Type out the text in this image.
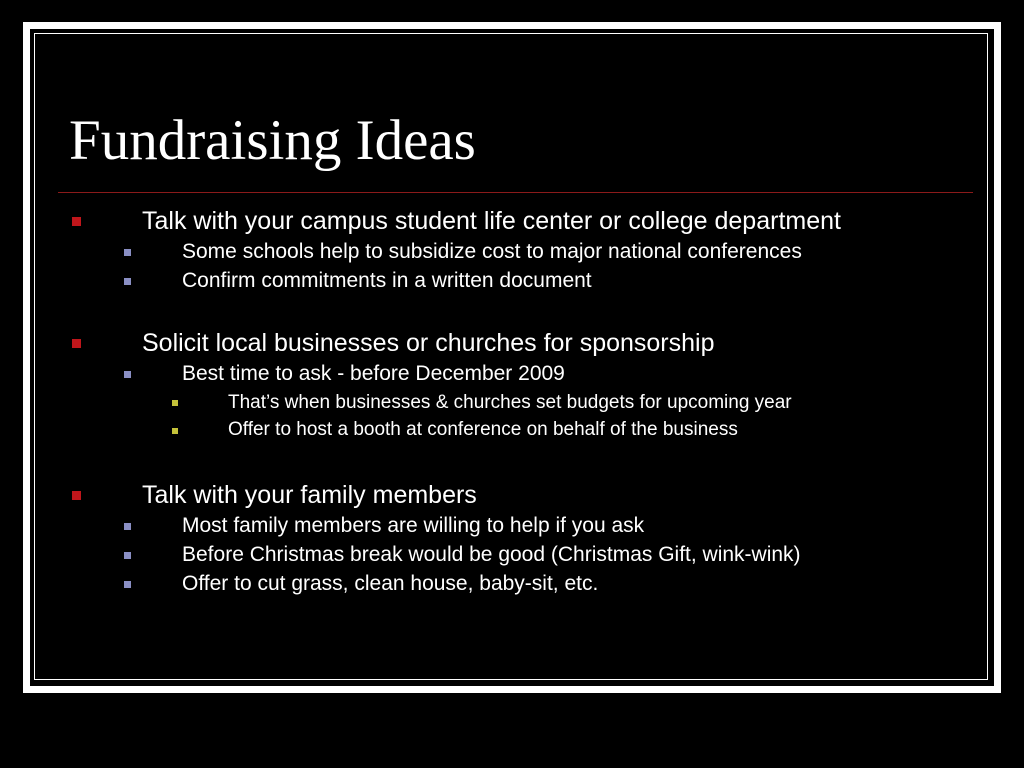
Fundraising Ideas
Talk with your campus student life center or college department
Some schools help to subsidize cost to major national conferences
Confirm commitments in a written document
Solicit local businesses or churches for sponsorship
Best time to ask - before December 2009
That’s when businesses & churches set budgets for upcoming year
Offer to host a booth at conference on behalf of the business
Talk with your family members
Most family members are willing to help if you ask
Before Christmas break would be good (Christmas Gift, wink-wink)
Offer to cut grass, clean house, baby-sit, etc.
